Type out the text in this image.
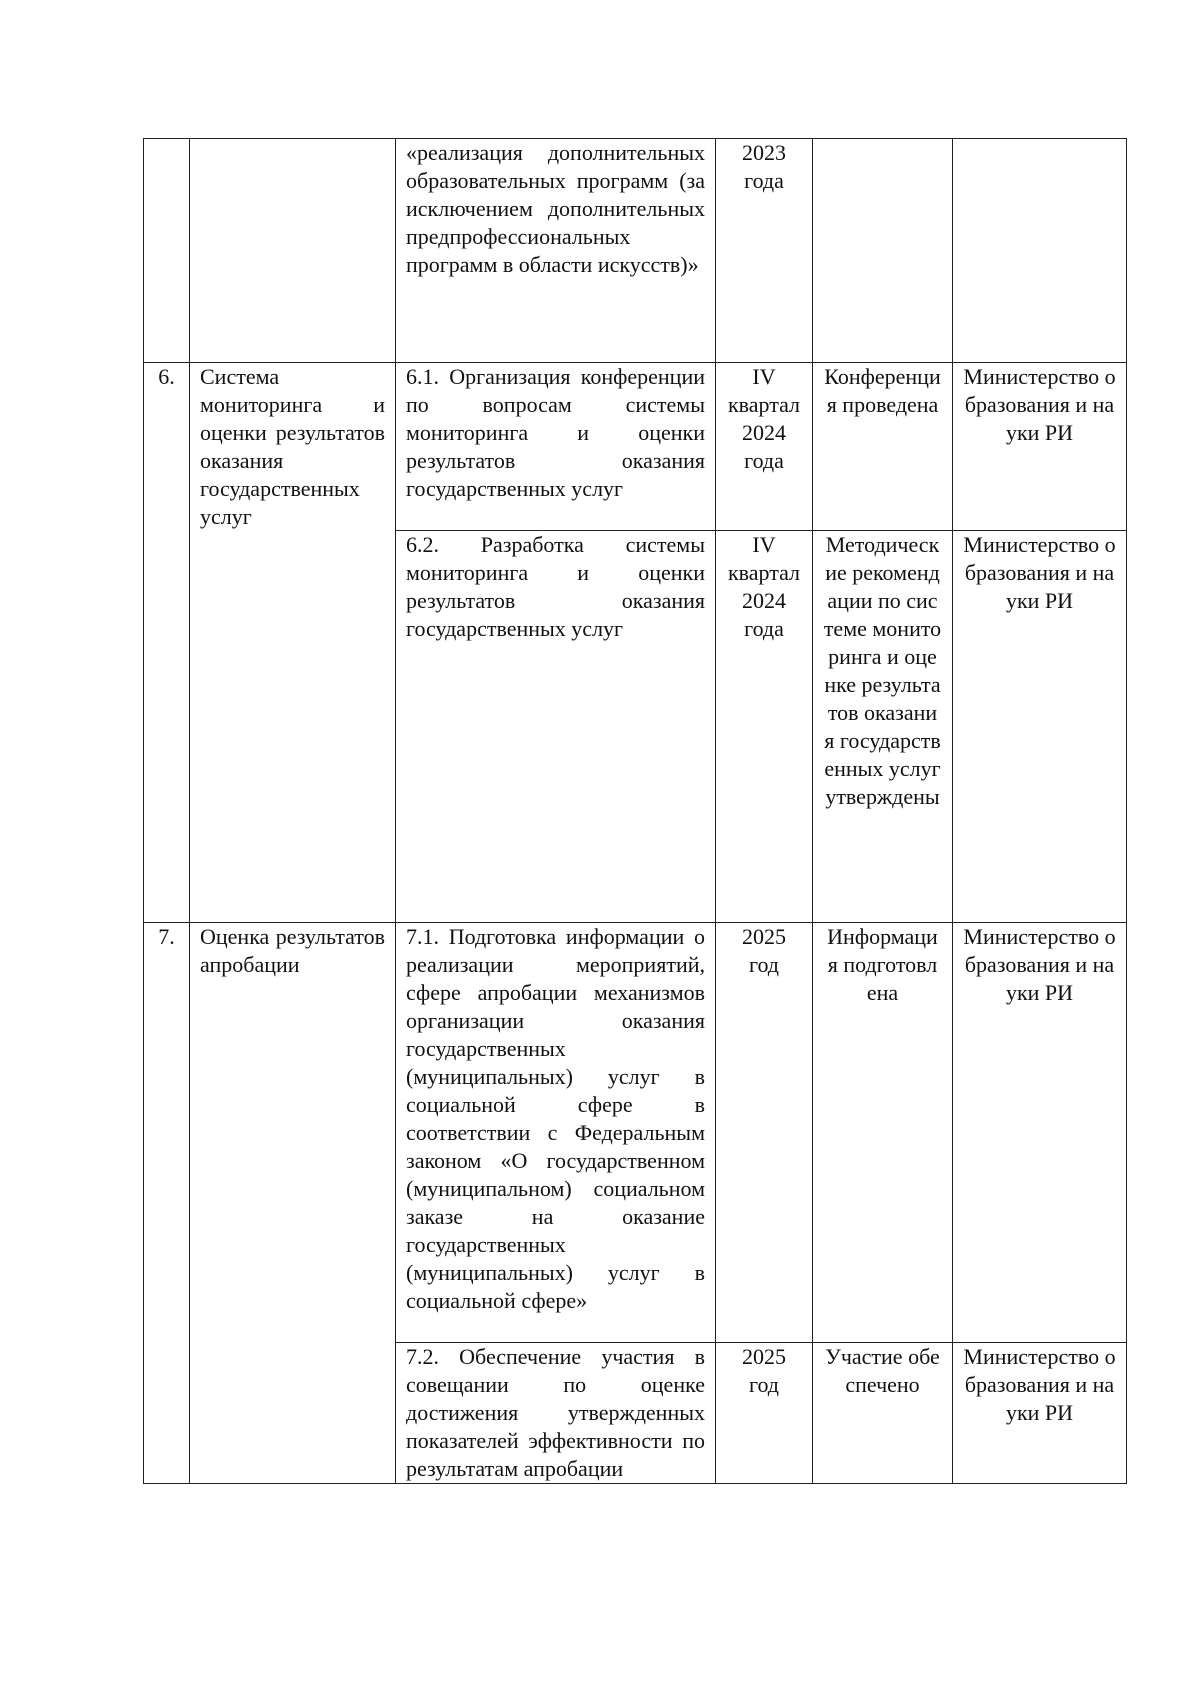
		«реализация дополнительных образовательных программ (за исключением дополнительных предпрофессиональных программ в области искусств)»	2023 года		

6.	Система мониторинга и оценки результатов оказания государственных услуг	6.1. Организация конференции по вопросам системы мониторинга и оценки результатов оказания государственных услуг	IV квартал 2024 года	Конференция проведена	Министерство образования и науки РИ

		6.2. Разработка системы мониторинга и оценки результатов оказания государственных услуг	IV квартал 2024 года	Методические рекомендации по системе мониторинга и оценке результатов оказания государственных услуг утверждены	Министерство образования и науки РИ

7.	Оценка результатов апробации	7.1. Подготовка информации о реализации мероприятий, сфере апробации механизмов организации оказания государственных (муниципальных) услуг в социальной сфере в соответствии с Федеральным законом «О государственном (муниципальном) социальном заказе на оказание государственных (муниципальных) услуг в социальной сфере»	2025 год	Информация подготовлена	Министерство образования и науки РИ

		7.2. Обеспечение участия в совещании по оценке достижения утвержденных показателей эффективности по результатам апробации	2025 год	Участие обеспечено	Министерство образования и науки РИ
